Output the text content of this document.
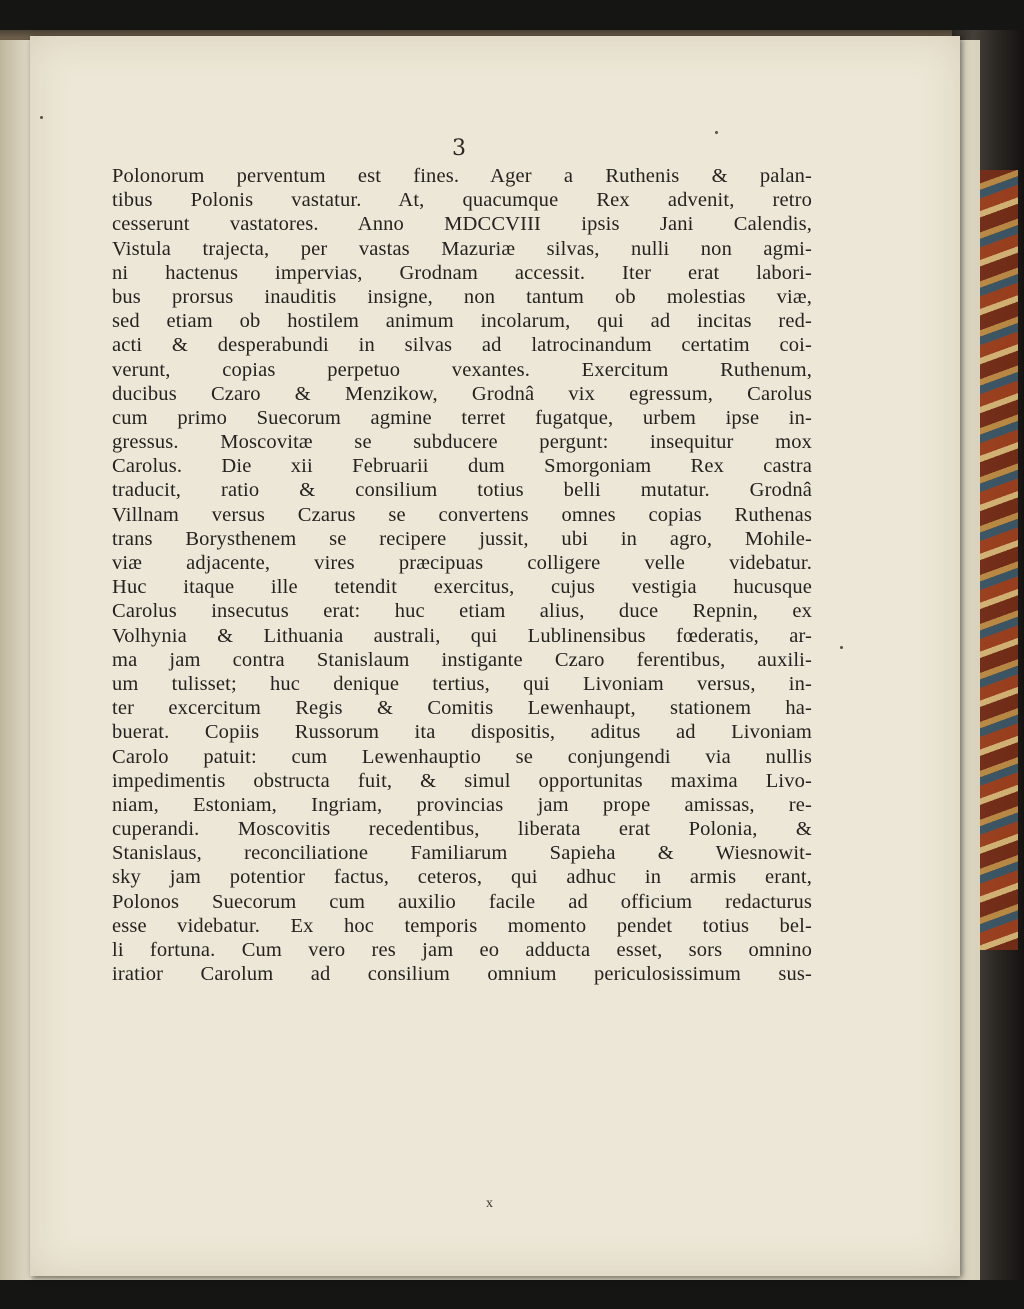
3
Polonorum perventum est fines. Ager a Ruthenis & palan-
tibus Polonis vastatur. At, quacumque Rex advenit, retro
cesserunt vastatores. Anno MDCCVIII ipsis Jani Calendis,
Vistula trajecta, per vastas Mazuriæ silvas, nulli non agmi-
ni hactenus impervias, Grodnam accessit. Iter erat labori-
bus prorsus inauditis insigne, non tantum ob molestias viæ,
sed etiam ob hostilem animum incolarum, qui ad incitas red-
acti & desperabundi in silvas ad latrocinandum certatim coi-
verunt, copias perpetuo vexantes. Exercitum Ruthenum,
ducibus Czaro & Menzikow, Grodnâ vix egressum, Carolus
cum primo Suecorum agmine terret fugatque, urbem ipse in-
gressus. Moscovitæ se subducere pergunt: insequitur mox
Carolus. Die xii Februarii dum Smorgoniam Rex castra
traducit, ratio & consilium totius belli mutatur. Grodnâ
Villnam versus Czarus se convertens omnes copias Ruthenas
trans Borysthenem se recipere jussit, ubi in agro, Mohile-
viæ adjacente, vires præcipuas colligere velle videbatur.
Huc itaque ille tetendit exercitus, cujus vestigia hucusque
Carolus insecutus erat: huc etiam alius, duce Repnin, ex
Volhynia & Lithuania australi, qui Lublinensibus fœderatis, ar-
ma jam contra Stanislaum instigante Czaro ferentibus, auxili-
um tulisset; huc denique tertius, qui Livoniam versus, in-
ter excercitum Regis & Comitis Lewenhaupt, stationem ha-
buerat. Copiis Russorum ita dispositis, aditus ad Livoniam
Carolo patuit: cum Lewenhauptio se conjungendi via nullis
impedimentis obstructa fuit, & simul opportunitas maxima Livo-
niam, Estoniam, Ingriam, provincias jam prope amissas, re-
cuperandi. Moscovitis recedentibus, liberata erat Polonia, &
Stanislaus, reconciliatione Familiarum Sapieha & Wiesnowit-
sky jam potentior factus, ceteros, qui adhuc in armis erant,
Polonos Suecorum cum auxilio facile ad officium redacturus
esse videbatur. Ex hoc temporis momento pendet totius bel-
li fortuna. Cum vero res jam eo adducta esset, sors omnino
iratior Carolum ad consilium omnium periculosissimum sus-
x
